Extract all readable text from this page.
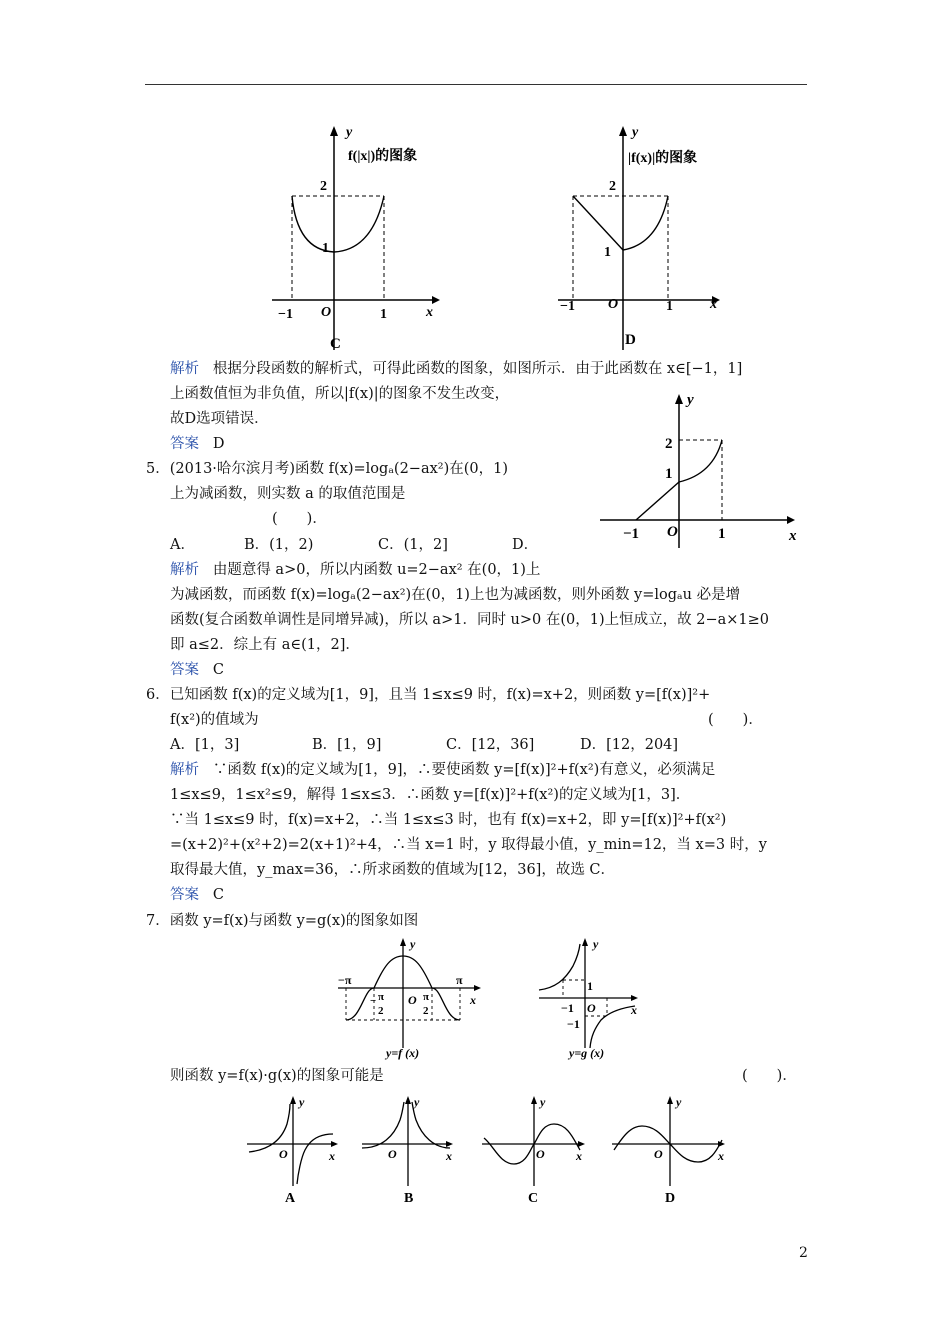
y
f(|x|)的图象
2
1
−1	1
O	x
C
y
|f(x)|的图象
2
1
−1	1
O	x
D
解析 根据分段函数的解析式，可得此函数的图象，如图所示．由于此函数在 x∈[−1，1]
上函数值恒为非负值，所以|f(x)|的图象不发生改变，
故D选项错误．
答案 D
y
2
1
−1	1
O	x
5．(2013·哈尔滨月考)函数 f(x)=logₐ(2−ax²)在(0，1)
上为减函数，则实数 a 的取值范围是
(　　)．
A．	B．(1，2)	C．(1，2]	D．
解析 由题意得 a>0，所以内函数 u=2−ax² 在(0，1)上
为减函数，而函数 f(x)=logₐ(2−ax²)在(0，1)上也为减函数，则外函数 y=logₐu 必是增
函数(复合函数单调性是同增异减)，所以 a>1．同时 u>0 在(0，1)上恒成立，故 2−a×1≥0
即 a≤2．综上有 a∈(1，2]．
答案 C
6．已知函数 f(x)的定义域为[1，9]，且当 1≤x≤9 时，f(x)=x+2，则函数 y=[f(x)]²+
f(x²)的值域为	(　　)．
A．[1，3]	B．[1，9]	C．[12，36]	D．[12，204]
解析 ∵函数 f(x)的定义域为[1，9]，∴要使函数 y=[f(x)]²+f(x²)有意义，必须满足
1≤x≤9，1≤x²≤9，解得 1≤x≤3．∴函数 y=[f(x)]²+f(x²)的定义域为[1，3]．
∵当 1≤x≤9 时，f(x)=x+2，∴当 1≤x≤3 时，也有 f(x)=x+2，即 y=[f(x)]²+f(x²)
=(x+2)²+(x²+2)=2(x+1)²+4，∴当 x=1 时，y 取得最小值，y_min=12，当 x=3 时，y
取得最大值，y_max=36，∴所求函数的值域为[12，36]，故选 C．
答案 C
7．函数 y=f(x)与函数 y=g(x)的图象如图
−π	π
− π
2
π
2
O	x
y
y=f (x)
1
−1
−1
O	x
y
y=g (x)
则函数 y=f(x)·g(x)的图象可能是	(　　)．
O	x
y
A
O	x
y
B
O	x
y
C
O	x
y
D
2
